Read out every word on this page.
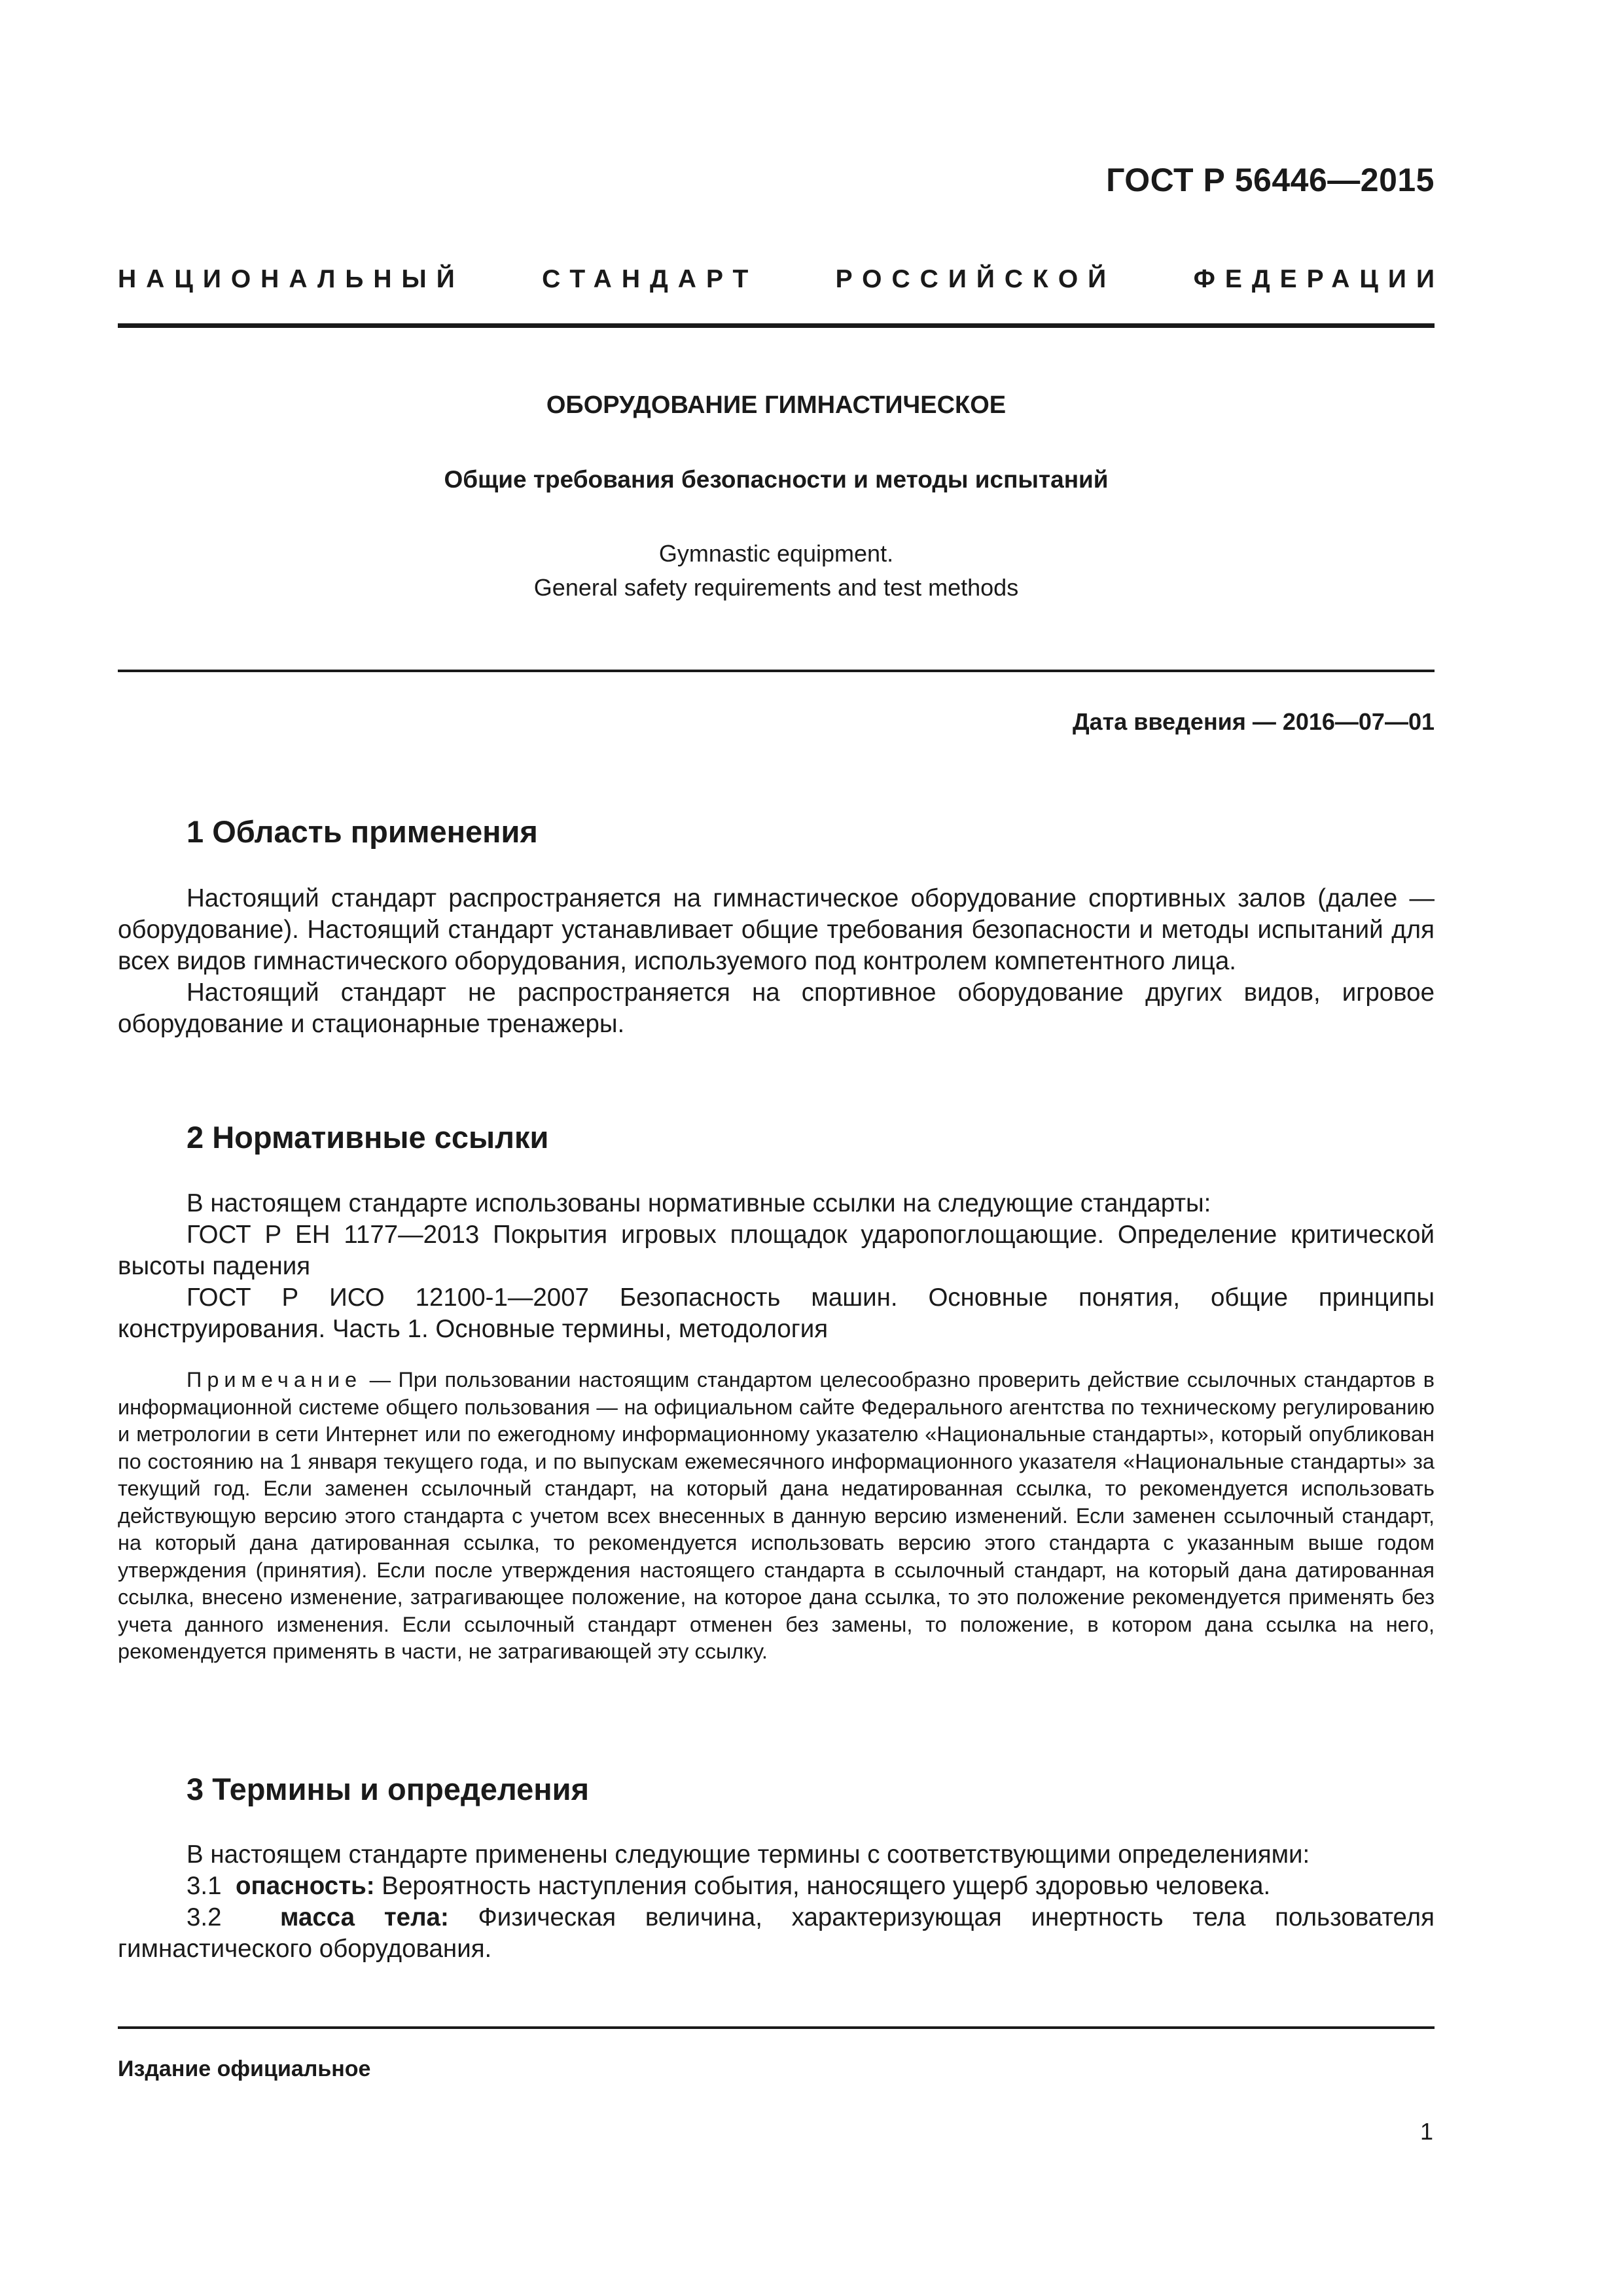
ГОСТ Р 56446—2015
НАЦИОНАЛЬНЫЙ	СТАНДАРТ	РОССИЙСКОЙ	ФЕДЕРАЦИИ
ОБОРУДОВАНИЕ ГИМНАСТИЧЕСКОЕ
Общие требования безопасности и методы испытаний
Gymnastic equipment.
General safety requirements and test methods
Дата введения — 2016—07—01
1 Область применения

Настоящий стандарт распространяется на гимнастическое оборудование спортивных залов (далее — оборудование). Настоящий стандарт устанавливает общие требования безопасности и методы испытаний для всех видов гимнастического оборудования, используемого под контролем компетентного лица.

Настоящий стандарт не распространяется на спортивное оборудование других видов, игровое оборудование и стационарные тренажеры.

2 Нормативные ссылки

В настоящем стандарте использованы нормативные ссылки на следующие стандарты:

ГОСТ Р ЕН 1177—2013 Покрытия игровых площадок ударопоглощающие. Определение критической высоты падения

ГОСТ Р ИСО 12100-1—2007 Безопасность машин. Основные понятия, общие принципы конструирования. Часть 1. Основные термины, методология

Примечание — При пользовании настоящим стандартом целесообразно проверить действие ссылочных стандартов в информационной системе общего пользования — на официальном сайте Федерального агентства по техническому регулированию и метрологии в сети Интернет или по ежегодному информационному указателю «Национальные стандарты», который опубликован по состоянию на 1 января текущего года, и по выпускам ежемесячного информационного указателя «Национальные стандарты» за текущий год. Если заменен ссылочный стандарт, на который дана недатированная ссылка, то рекомендуется использовать действующую версию этого стандарта с учетом всех внесенных в данную версию изменений. Если заменен ссылочный стандарт, на который дана датированная ссылка, то рекомендуется использовать версию этого стандарта с указанным выше годом утверждения (принятия). Если после утверждения настоящего стандарта в ссылочный стандарт, на который дана датированная ссылка, внесено изменение, затрагивающее положение, на которое дана ссылка, то это положение рекомендуется применять без учета данного изменения. Если ссылочный стандарт отменен без замены, то положение, в котором дана ссылка на него, рекомендуется применять в части, не затрагивающей эту ссылку.
3 Термины и определения

В настоящем стандарте применены следующие термины с соответствующими определениями:

3.1 опасность: Вероятность наступления события, наносящего ущерб здоровью человека.

3.2 масса тела: Физическая величина, характеризующая инертность тела пользователя гимнастического оборудования.

Издание официальное
1
